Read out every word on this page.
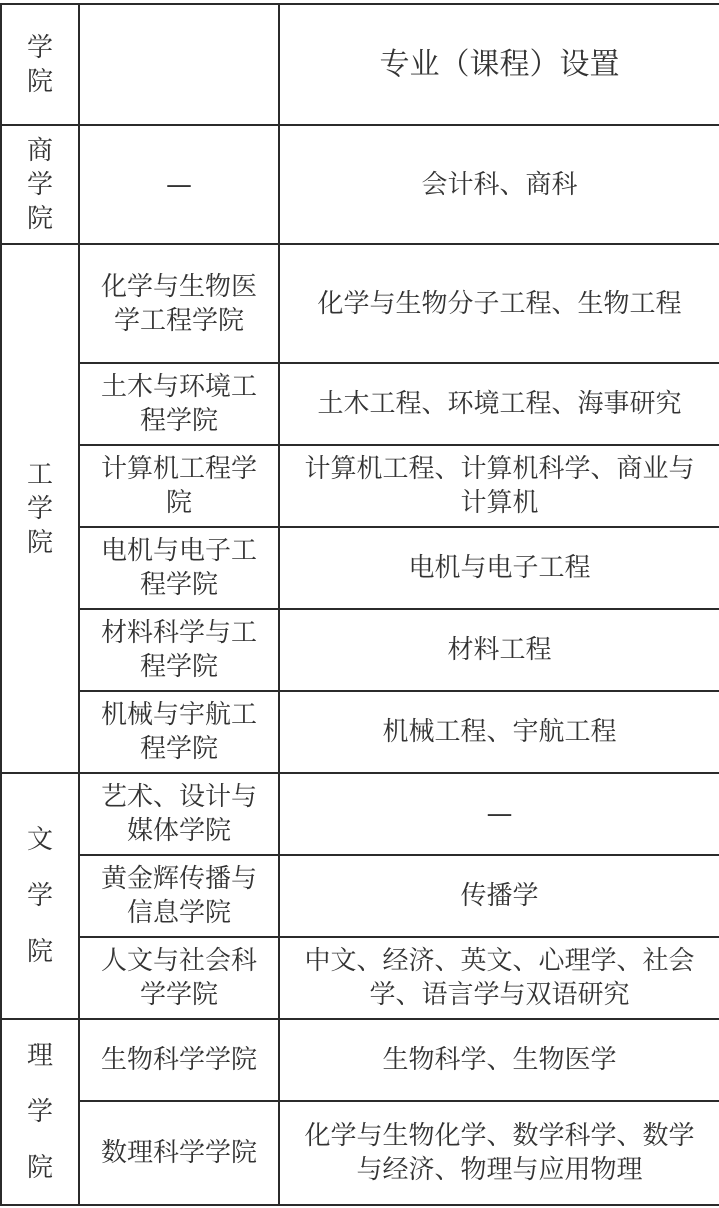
学院		专业（课程）设置
商学院	—	会计科、商科
工学院	化学与生物医学工程学院	化学与生物分子工程、生物工程
	土木与环境工程学院	土木工程、环境工程、海事研究
	计算机工程学院	计算机工程、计算机科学、商业与计算机
	电机与电子工程学院	电机与电子工程
	材料科学与工程学院	材料工程
	机械与宇航工程学院	机械工程、宇航工程
文学院	艺术、设计与媒体学院	—
	黄金辉传播与信息学院	传播学
	人文与社会科学学院	中文、经济、英文、心理学、社会学、语言学与双语研究
理学院	生物科学学院	生物科学、生物医学
	数理科学学院	化学与生物化学、数学科学、数学与经济、物理与应用物理
